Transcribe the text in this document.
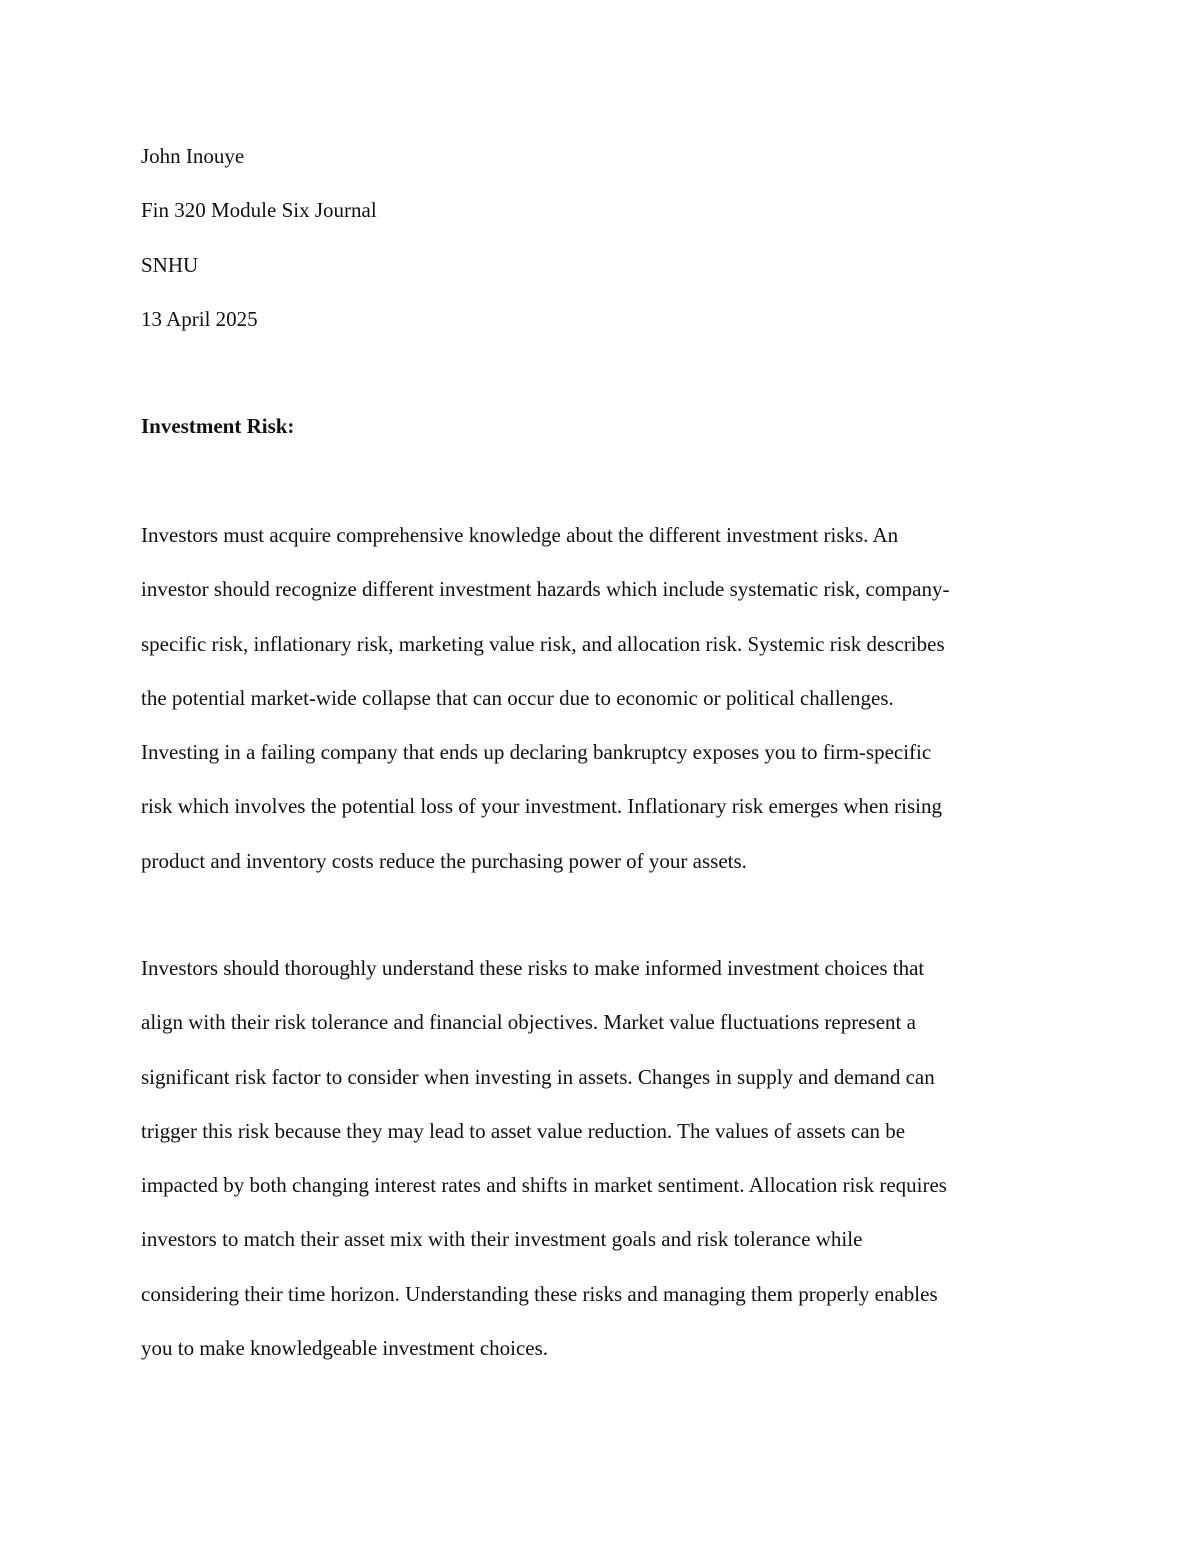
John Inouye
Fin 320 Module Six Journal
SNHU
13 April 2025
Investment Risk:

Investors must acquire comprehensive knowledge about the different investment risks. An
investor should recognize different investment hazards which include systematic risk, company-
specific risk, inflationary risk, marketing value risk, and allocation risk. Systemic risk describes
the potential market-wide collapse that can occur due to economic or political challenges.
Investing in a failing company that ends up declaring bankruptcy exposes you to firm-specific
risk which involves the potential loss of your investment. Inflationary risk emerges when rising
product and inventory costs reduce the purchasing power of your assets.

Investors should thoroughly understand these risks to make informed investment choices that
align with their risk tolerance and financial objectives. Market value fluctuations represent a
significant risk factor to consider when investing in assets. Changes in supply and demand can
trigger this risk because they may lead to asset value reduction. The values of assets can be
impacted by both changing interest rates and shifts in market sentiment. Allocation risk requires
investors to match their asset mix with their investment goals and risk tolerance while
considering their time horizon. Understanding these risks and managing them properly enables
you to make knowledgeable investment choices.
